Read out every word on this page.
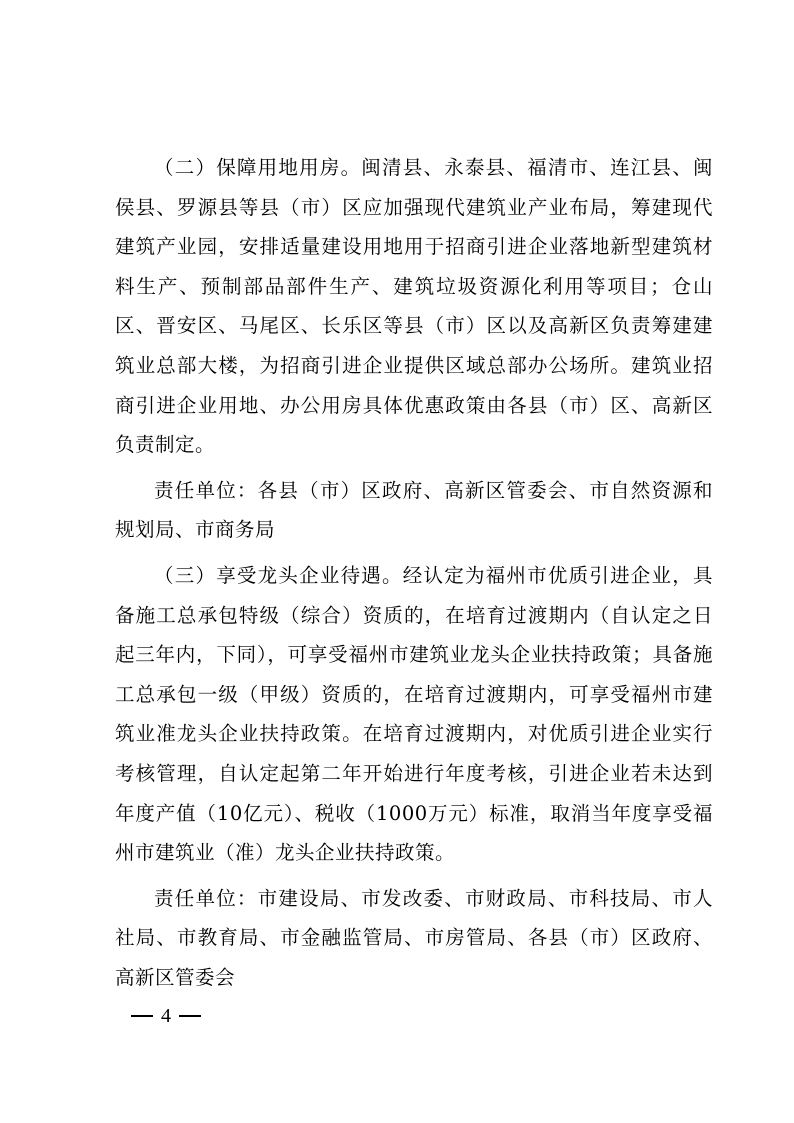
（二）保障用地用房。闽清县、永泰县、福清市、连江县、闽侯县、罗源县等县（市）区应加强现代建筑业产业布局，筹建现代建筑产业园，安排适量建设用地用于招商引进企业落地新型建筑材料生产、预制部品部件生产、建筑垃圾资源化利用等项目；仓山区、晋安区、马尾区、长乐区等县（市）区以及高新区负责筹建建筑业总部大楼，为招商引进企业提供区域总部办公场所。建筑业招商引进企业用地、办公用房具体优惠政策由各县（市）区、高新区负责制定。

责任单位：各县（市）区政府、高新区管委会、市自然资源和规划局、市商务局

（三）享受龙头企业待遇。经认定为福州市优质引进企业，具备施工总承包特级（综合）资质的，在培育过渡期内（自认定之日起三年内，下同），可享受福州市建筑业龙头企业扶持政策；具备施工总承包一级（甲级）资质的，在培育过渡期内，可享受福州市建筑业准龙头企业扶持政策。在培育过渡期内，对优质引进企业实行考核管理，自认定起第二年开始进行年度考核，引进企业若未达到年度产值（10亿元）、税收（1000万元）标准，取消当年度享受福州市建筑业（准）龙头企业扶持政策。

责任单位：市建设局、市发改委、市财政局、市科技局、市人社局、市教育局、市金融监管局、市房管局、各县（市）区政府、高新区管委会

4
